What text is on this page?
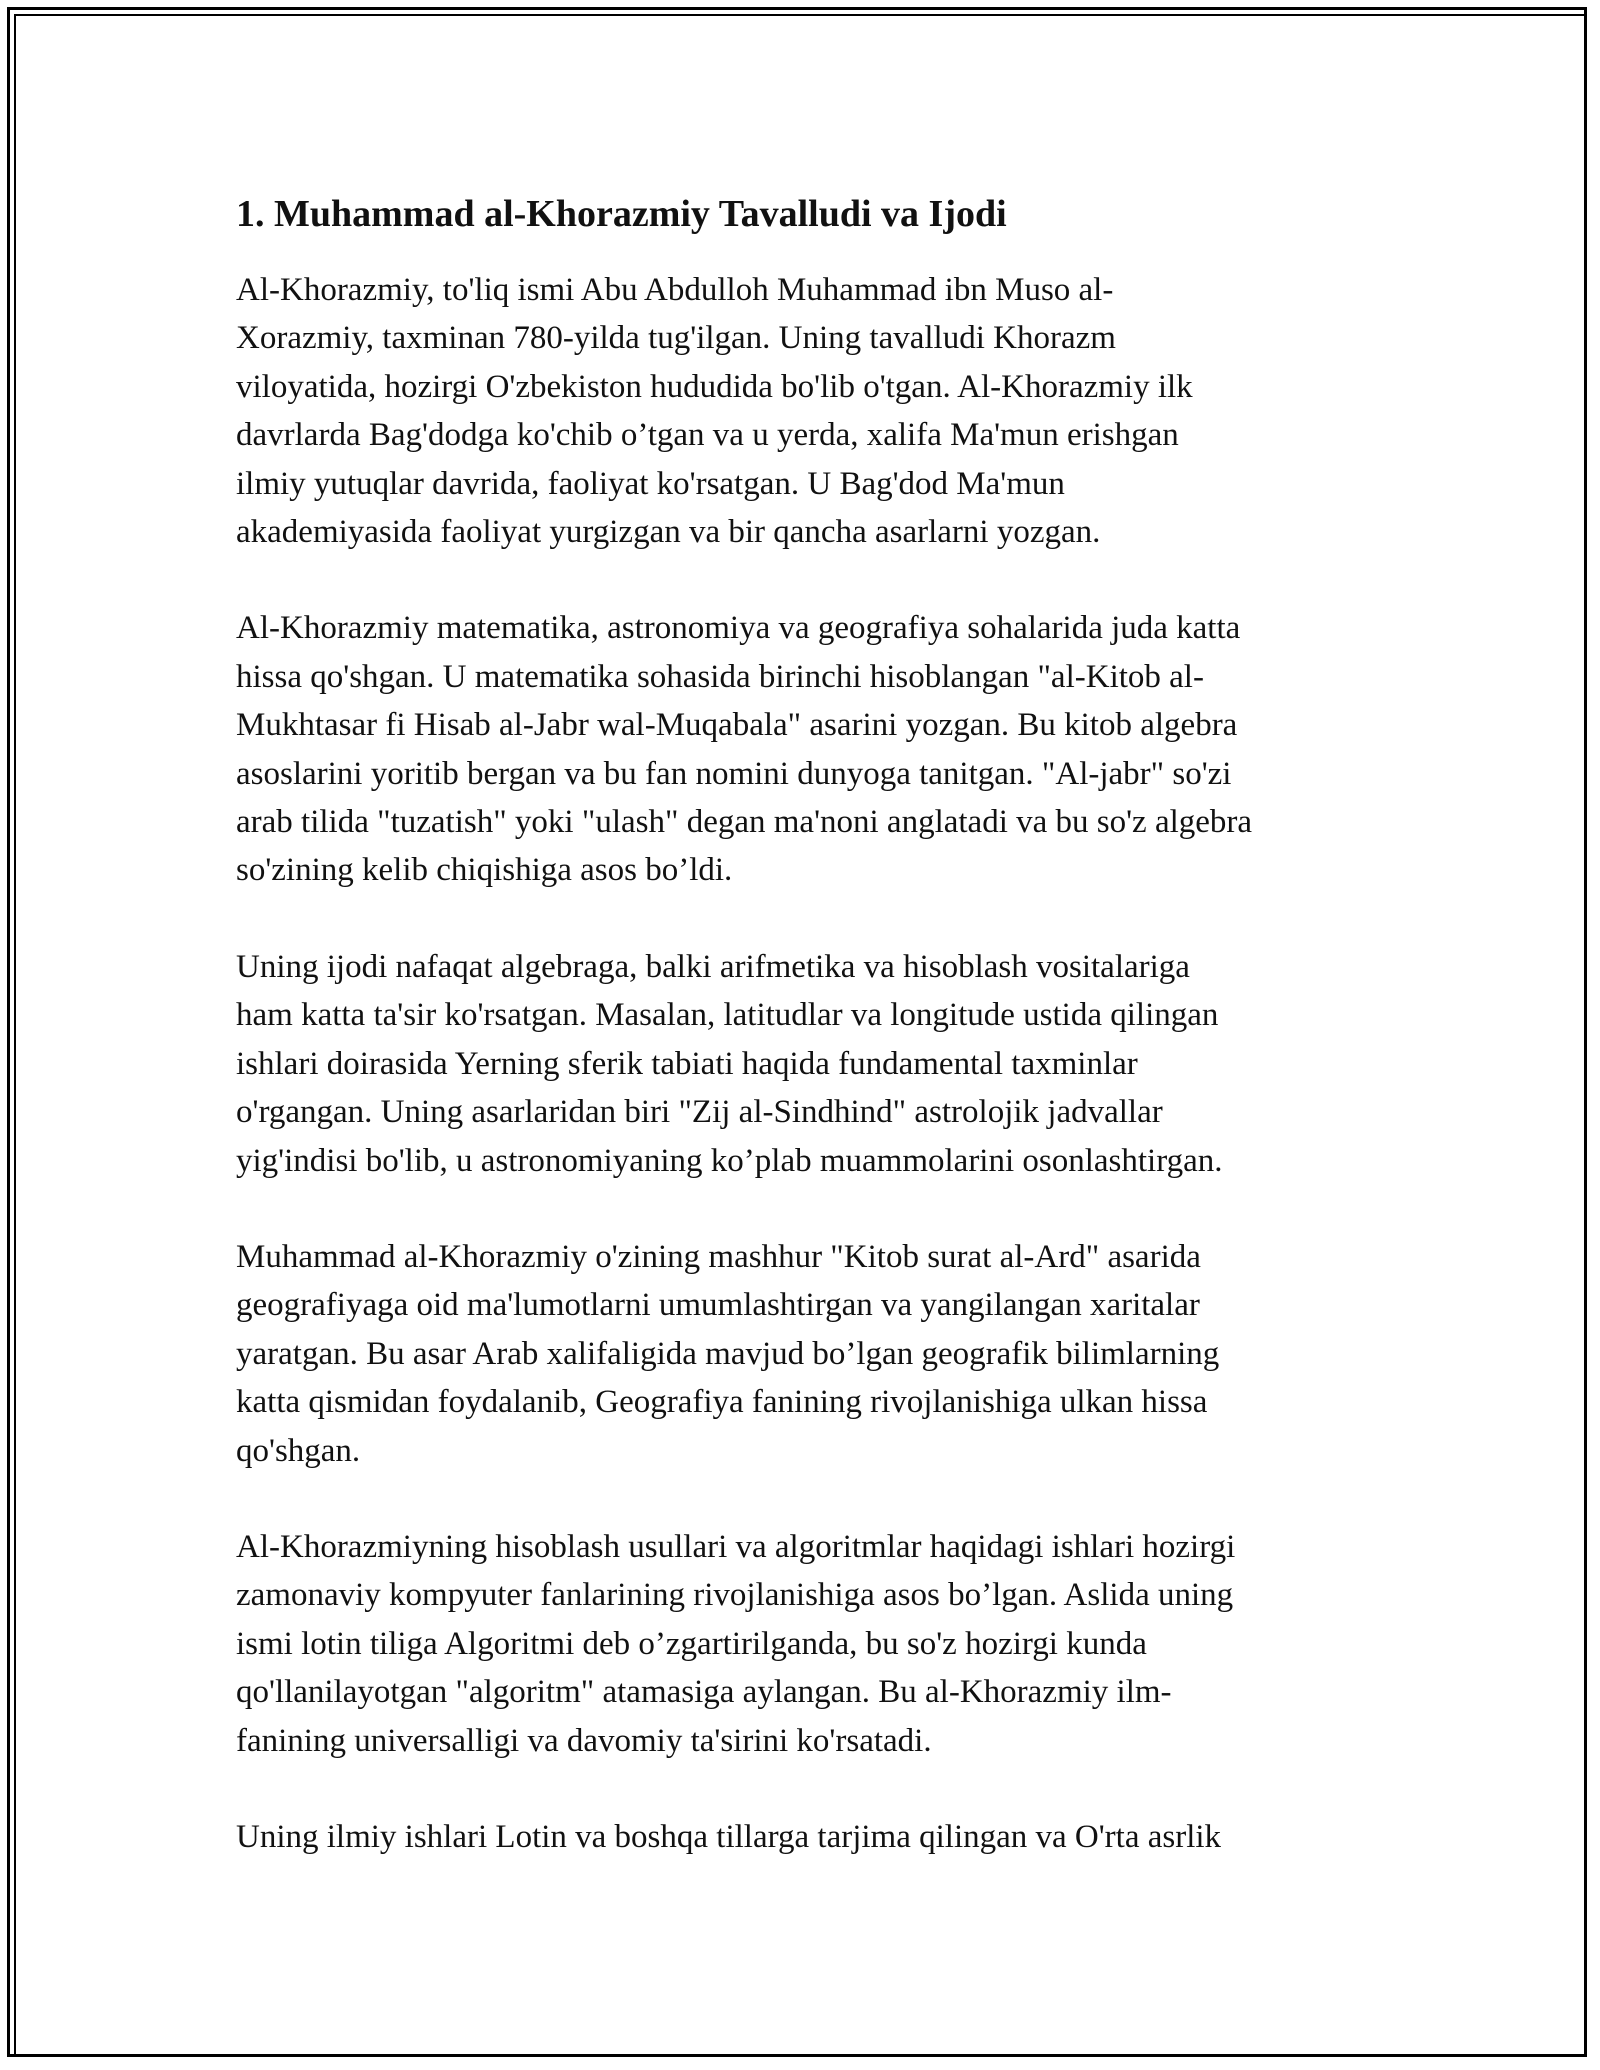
1. Muhammad al-Khorazmiy Tavalludi va Ijodi

Al-Khorazmiy, to'liq ismi Abu Abdulloh Muhammad ibn Muso al-
Xorazmiy, taxminan 780-yilda tug'ilgan. Uning tavalludi Khorazm
viloyatida, hozirgi O'zbekiston hududida bo'lib o'tgan. Al-Khorazmiy ilk
davrlarda Bag'dodga ko'chib o’tgan va u yerda, xalifa Ma'mun erishgan
ilmiy yutuqlar davrida, faoliyat ko'rsatgan. U Bag'dod Ma'mun
akademiyasida faoliyat yurgizgan va bir qancha asarlarni yozgan.

Al-Khorazmiy matematika, astronomiya va geografiya sohalarida juda katta
hissa qo'shgan. U matematika sohasida birinchi hisoblangan "al-Kitob al-
Mukhtasar fi Hisab al-Jabr wal-Muqabala" asarini yozgan. Bu kitob algebra
asoslarini yoritib bergan va bu fan nomini dunyoga tanitgan. "Al-jabr" so'zi
arab tilida "tuzatish" yoki "ulash" degan ma'noni anglatadi va bu so'z algebra
so'zining kelib chiqishiga asos bo’ldi.

Uning ijodi nafaqat algebraga, balki arifmetika va hisoblash vositalariga
ham katta ta'sir ko'rsatgan. Masalan, latitudlar va longitude ustida qilingan
ishlari doirasida Yerning sferik tabiati haqida fundamental taxminlar
o'rgangan. Uning asarlaridan biri "Zij al-Sindhind" astrolojik jadvallar
yig'indisi bo'lib, u astronomiyaning ko’plab muammolarini osonlashtirgan.

Muhammad al-Khorazmiy o'zining mashhur "Kitob surat al-Ard" asarida
geografiyaga oid ma'lumotlarni umumlashtirgan va yangilangan xaritalar
yaratgan. Bu asar Arab xalifaligida mavjud bo’lgan geografik bilimlarning
katta qismidan foydalanib, Geografiya fanining rivojlanishiga ulkan hissa
qo'shgan.

Al-Khorazmiyning hisoblash usullari va algoritmlar haqidagi ishlari hozirgi
zamonaviy kompyuter fanlarining rivojlanishiga asos bo’lgan. Aslida uning
ismi lotin tiliga Algoritmi deb o’zgartirilganda, bu so'z hozirgi kunda
qo'llanilayotgan "algoritm" atamasiga aylangan. Bu al-Khorazmiy ilm-
fanining universalligi va davomiy ta'sirini ko'rsatadi.

Uning ilmiy ishlari Lotin va boshqa tillarga tarjima qilingan va O'rta asrlik
